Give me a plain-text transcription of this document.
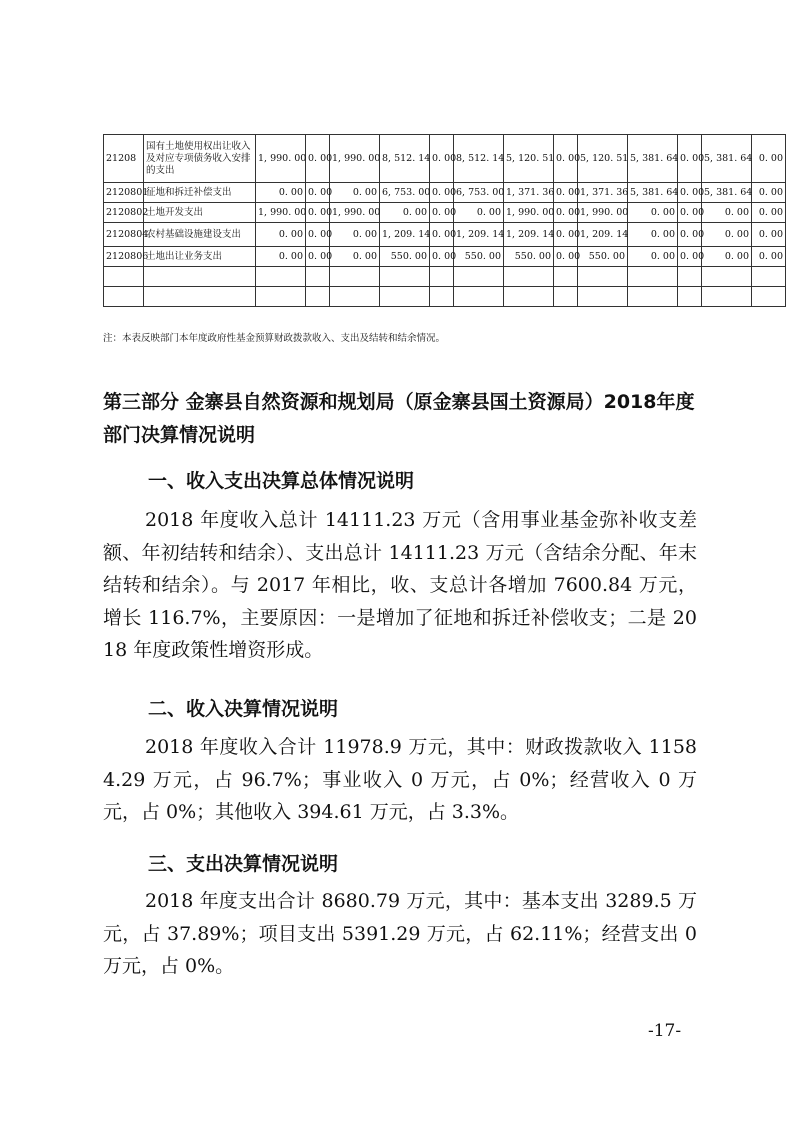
21208	国有土地使用权出让收入及对应专项债务收入安排的支出	1, 990. 00	0. 00	1, 990. 00	8, 512. 14	0. 00	8, 512. 14	5, 120. 51	0. 00	5, 120. 51	5, 381. 64	0. 00	5, 381. 64	0. 00
2120801	征地和拆迁补偿支出	0. 00	0. 00	0. 00	6, 753. 00	0. 00	6, 753. 00	1, 371. 36	0. 00	1, 371. 36	5, 381. 64	0. 00	5, 381. 64	0. 00
2120802	土地开发支出	1, 990. 00	0. 00	1, 990. 00	0. 00	0. 00	0. 00	1, 990. 00	0. 00	1, 990. 00	0. 00	0. 00	0. 00	0. 00
2120804	农村基础设施建设支出	0. 00	0. 00	0. 00	1, 209. 14	0. 00	1, 209. 14	1, 209. 14	0. 00	1, 209. 14	0. 00	0. 00	0. 00	0. 00
2120806	土地出让业务支出	0. 00	0. 00	0. 00	550. 00	0. 00	550. 00	550. 00	0. 00	550. 00	0. 00	0. 00	0. 00	0. 00

注：本表反映部门本年度政府性基金预算财政拨款收入、支出及结转和结余情况。
第三部分 金寨县自然资源和规划局（原金寨县国土资源局）2018年度部门决算情况说明
一、收入支出决算总体情况说明
2018 年度收入总计 14111.23 万元（含用事业基金弥补收支差额、年初结转和结余）、支出总计 14111.23 万元（含结余分配、年末结转和结余）。与 2017 年相比，收、支总计各增加 7600.84 万元，增长 116.7%，主要原因：一是增加了征地和拆迁补偿收支；二是 2018 年度政策性增资形成。
二、收入决算情况说明
2018 年度收入合计 11978.9 万元，其中：财政拨款收入 11584.29 万元，占 96.7%；事业收入 0 万元，占 0%；经营收入 0 万元，占 0%；其他收入 394.61 万元，占 3.3%。
三、支出决算情况说明
2018 年度支出合计 8680.79 万元，其中：基本支出 3289.5 万元，占 37.89%；项目支出 5391.29 万元，占 62.11%；经营支出 0 万元，占 0%。
-17-
